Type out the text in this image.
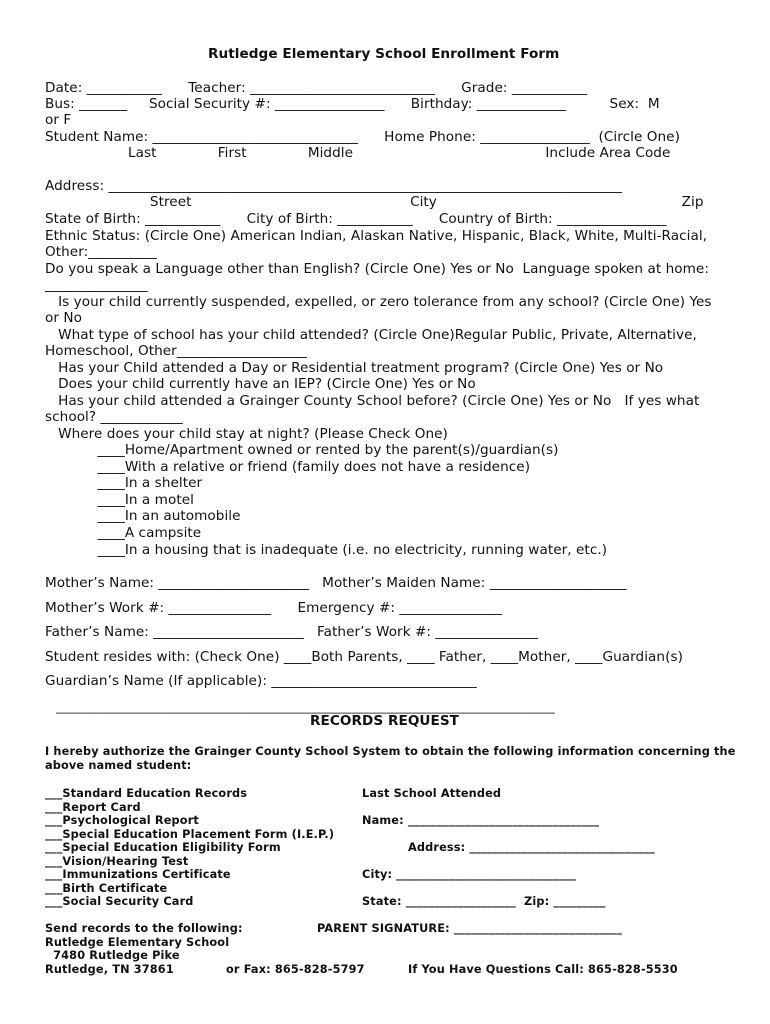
Rutledge Elementary School Enrollment Form
Date: ___________      Teacher: ___________________________      Grade: ___________
Bus: _______     Social Security #: ________________      Birthday: _____________          Sex:  M
or F
Student Name: ______________________________      Home Phone: ________________  (Circle One)
Last              First              Middle                                            Include Area Code
Address: ___________________________________________________________________________
Street                                                  City                                                        Zip
State of Birth: ___________      City of Birth: ___________      Country of Birth: ________________
Ethnic Status: (Circle One) American Indian, Alaskan Native, Hispanic, Black, White, Multi-Racial,
Other:__________
Do you speak a Language other than English? (Circle One) Yes or No  Language spoken at home:
_______________
Is your child currently suspended, expelled, or zero tolerance from any school? (Circle One) Yes
or No
What type of school has your child attended? (Circle One)Regular Public, Private, Alternative,
Homeschool, Other___________________
Has your Child attended a Day or Residential treatment program? (Circle One) Yes or No
Does your child currently have an IEP? (Circle One) Yes or No
Has your child attended a Grainger County School before? (Circle One) Yes or No   If yes what
school? ____________
Where does your child stay at night? (Please Check One)
____Home/Apartment owned or rented by the parent(s)/guardian(s)
____With a relative or friend (family does not have a residence)
____In a shelter
____In a motel
____In an automobile
____A campsite
____In a housing that is inadequate (i.e. no electricity, running water, etc.)
Mother’s Name: ______________________   Mother’s Maiden Name: ____________________
Mother’s Work #: _______________      Emergency #: _______________
Father’s Name: ______________________   Father’s Work #: _______________
Student resides with: (Check One) ____Both Parents, ____ Father, ____Mother, ____Guardian(s)
Guardian’s Name (If applicable): ______________________________
______________________________________________________________________________________
RECORDS REQUEST
I hereby authorize the Grainger County School System to obtain the following information concerning the
above named student:
___Standard Education Records
___Report Card
___Psychological Report
___Special Education Placement Form (I.E.P.)
___Special Education Eligibility Form
___Vision/Hearing Test
___Immunizations Certificate
___Birth Certificate
___Social Security Card
Last School Attended
Name: _________________________________
Address: ________________________________
City: _______________________________
State: ___________________  Zip: _________
Send records to the following:
Rutledge Elementary School
7480 Rutledge Pike
Rutledge, TN 37861
PARENT SIGNATURE: _____________________________
or Fax: 865-828-5797	If You Have Questions Call: 865-828-5530
